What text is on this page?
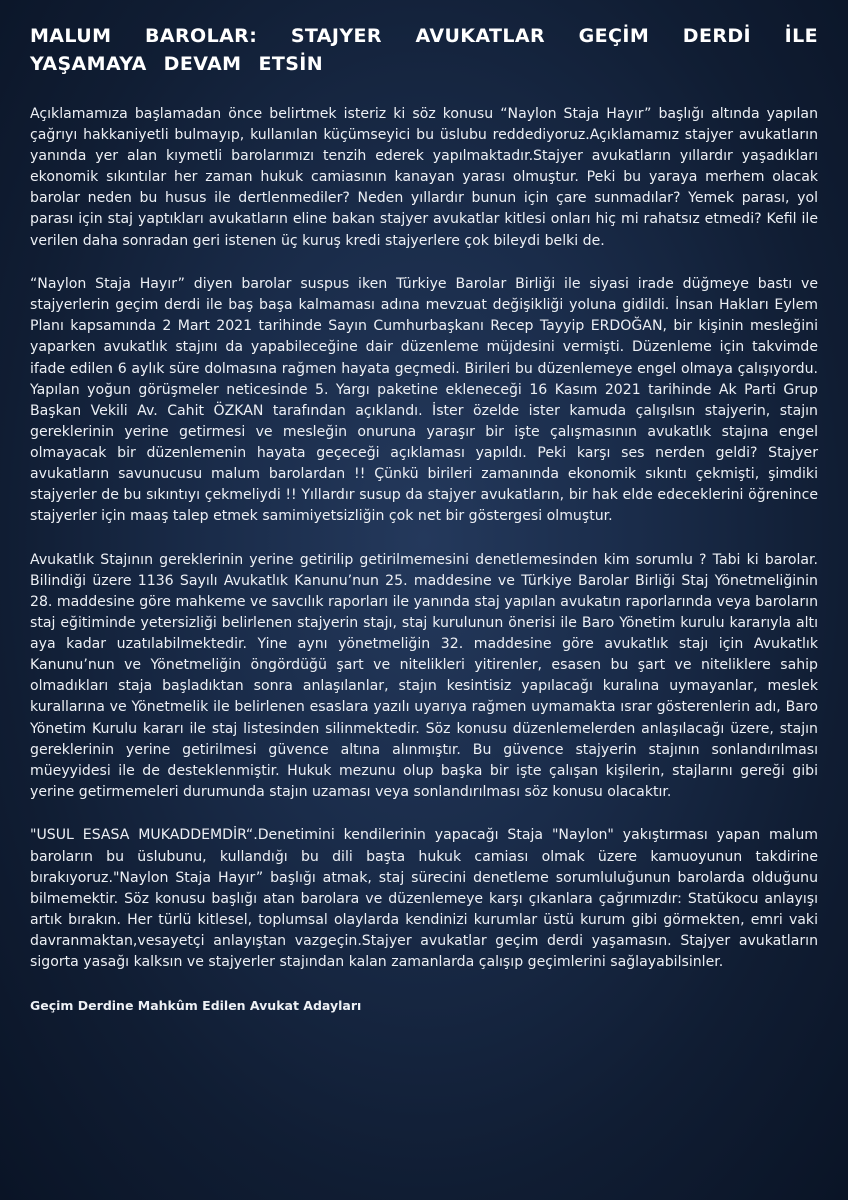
MALUM BAROLAR: STAJYER AVUKATLAR GEÇİM DERDİ İLE YAŞAMAYA DEVAM ETSİN

Açıklamamıza başlamadan önce belirtmek isteriz ki söz konusu “Naylon Staja Hayır” başlığı altında yapılan çağrıyı hakkaniyetli bulmayıp, kullanılan küçümseyici bu üslubu reddediyoruz.Açıklamamız stajyer avukatların yanında yer alan kıymetli barolarımızı tenzih ederek yapılmaktadır.Stajyer avukatların yıllardır yaşadıkları ekonomik sıkıntılar her zaman hukuk camiasının kanayan yarası olmuştur. Peki bu yaraya merhem olacak barolar neden bu husus ile dertlenmediler? Neden yıllardır bunun için çare sunmadılar? Yemek parası, yol parası için staj yaptıkları avukatların eline bakan stajyer avukatlar kitlesi onları hiç mi rahatsız etmedi? Kefil ile verilen daha sonradan geri istenen üç kuruş kredi stajyerlere çok bileydi belki de.

“Naylon Staja Hayır” diyen barolar suspus iken Türkiye Barolar Birliği ile siyasi irade düğmeye bastı ve stajyerlerin geçim derdi ile baş başa kalmaması adına mevzuat değişikliği yoluna gidildi. İnsan Hakları Eylem Planı kapsamında 2 Mart 2021 tarihinde Sayın Cumhurbaşkanı Recep Tayyip ERDOĞAN, bir kişinin mesleğini yaparken avukatlık stajını da yapabileceğine dair düzenleme müjdesini vermişti. Düzenleme için takvimde ifade edilen 6 aylık süre dolmasına rağmen hayata geçmedi. Birileri bu düzenlemeye engel olmaya çalışıyordu. Yapılan yoğun görüşmeler neticesinde 5. Yargı paketine ekleneceği 16 Kasım 2021 tarihinde Ak Parti Grup Başkan Vekili Av. Cahit ÖZKAN tarafından açıklandı. İster özelde ister kamuda çalışılsın stajyerin, stajın gereklerinin yerine getirmesi ve mesleğin onuruna yaraşır bir işte çalışmasının avukatlık stajına engel olmayacak bir düzenlemenin hayata geçeceği açıklaması yapıldı. Peki karşı ses nerden geldi? Stajyer avukatların savunucusu malum barolardan !! Çünkü birileri zamanında ekonomik sıkıntı çekmişti, şimdiki stajyerler de bu sıkıntıyı çekmeliydi !! Yıllardır susup da stajyer avukatların, bir hak elde edeceklerini öğrenince stajyerler için maaş talep etmek samimiyetsizliğin çok net bir göstergesi olmuştur.

Avukatlık Stajının gereklerinin yerine getirilip getirilmemesini denetlemesinden kim sorumlu ? Tabi ki barolar. Bilindiği üzere 1136 Sayılı Avukatlık Kanunu’nun 25. maddesine ve Türkiye Barolar Birliği Staj Yönetmeliğinin 28. maddesine göre mahkeme ve savcılık raporları ile yanında staj yapılan avukatın raporlarında veya baroların staj eğitiminde yetersizliği belirlenen stajyerin stajı, staj kurulunun önerisi ile Baro Yönetim kurulu kararıyla altı aya kadar uzatılabilmektedir. Yine aynı yönetmeliğin 32. maddesine göre avukatlık stajı için Avukatlık Kanunu’nun ve Yönetmeliğin öngördüğü şart ve nitelikleri yitirenler, esasen bu şart ve niteliklere sahip olmadıkları staja başladıktan sonra anlaşılanlar, stajın kesintisiz yapılacağı kuralına uymayanlar, meslek kurallarına ve Yönetmelik ile belirlenen esaslara yazılı uyarıya rağmen uymamakta ısrar gösterenlerin adı, Baro Yönetim Kurulu kararı ile staj listesinden silinmektedir. Söz konusu düzenlemelerden anlaşılacağı üzere, stajın gereklerinin yerine getirilmesi güvence altına alınmıştır. Bu güvence stajyerin stajının sonlandırılması müeyyidesi ile de desteklenmiştir. Hukuk mezunu olup başka bir işte çalışan kişilerin, stajlarını gereği gibi yerine getirmemeleri durumunda stajın uzaması veya sonlandırılması söz konusu olacaktır.

"USUL ESASA MUKADDEMDİR“.Denetimini kendilerinin yapacağı Staja "Naylon" yakıştırması yapan malum baroların bu üslubunu, kullandığı bu dili başta hukuk camiası olmak üzere kamuoyunun takdirine bırakıyoruz."Naylon Staja Hayır” başlığı atmak, staj sürecini denetleme sorumluluğunun barolarda olduğunu bilmemektir. Söz konusu başlığı atan barolara ve düzenlemeye karşı çıkanlara çağrımızdır: Statükocu anlayışı artık bırakın. Her türlü kitlesel, toplumsal olaylarda kendinizi kurumlar üstü kurum gibi görmekten, emri vaki davranmaktan,vesayetçi anlayıştan vazgeçin.Stajyer avukatlar geçim derdi yaşamasın. Stajyer avukatların sigorta yasağı kalksın ve stajyerler stajından kalan zamanlarda çalışıp geçimlerini sağlayabilsinler.

Geçim Derdine Mahkûm Edilen Avukat Adayları
